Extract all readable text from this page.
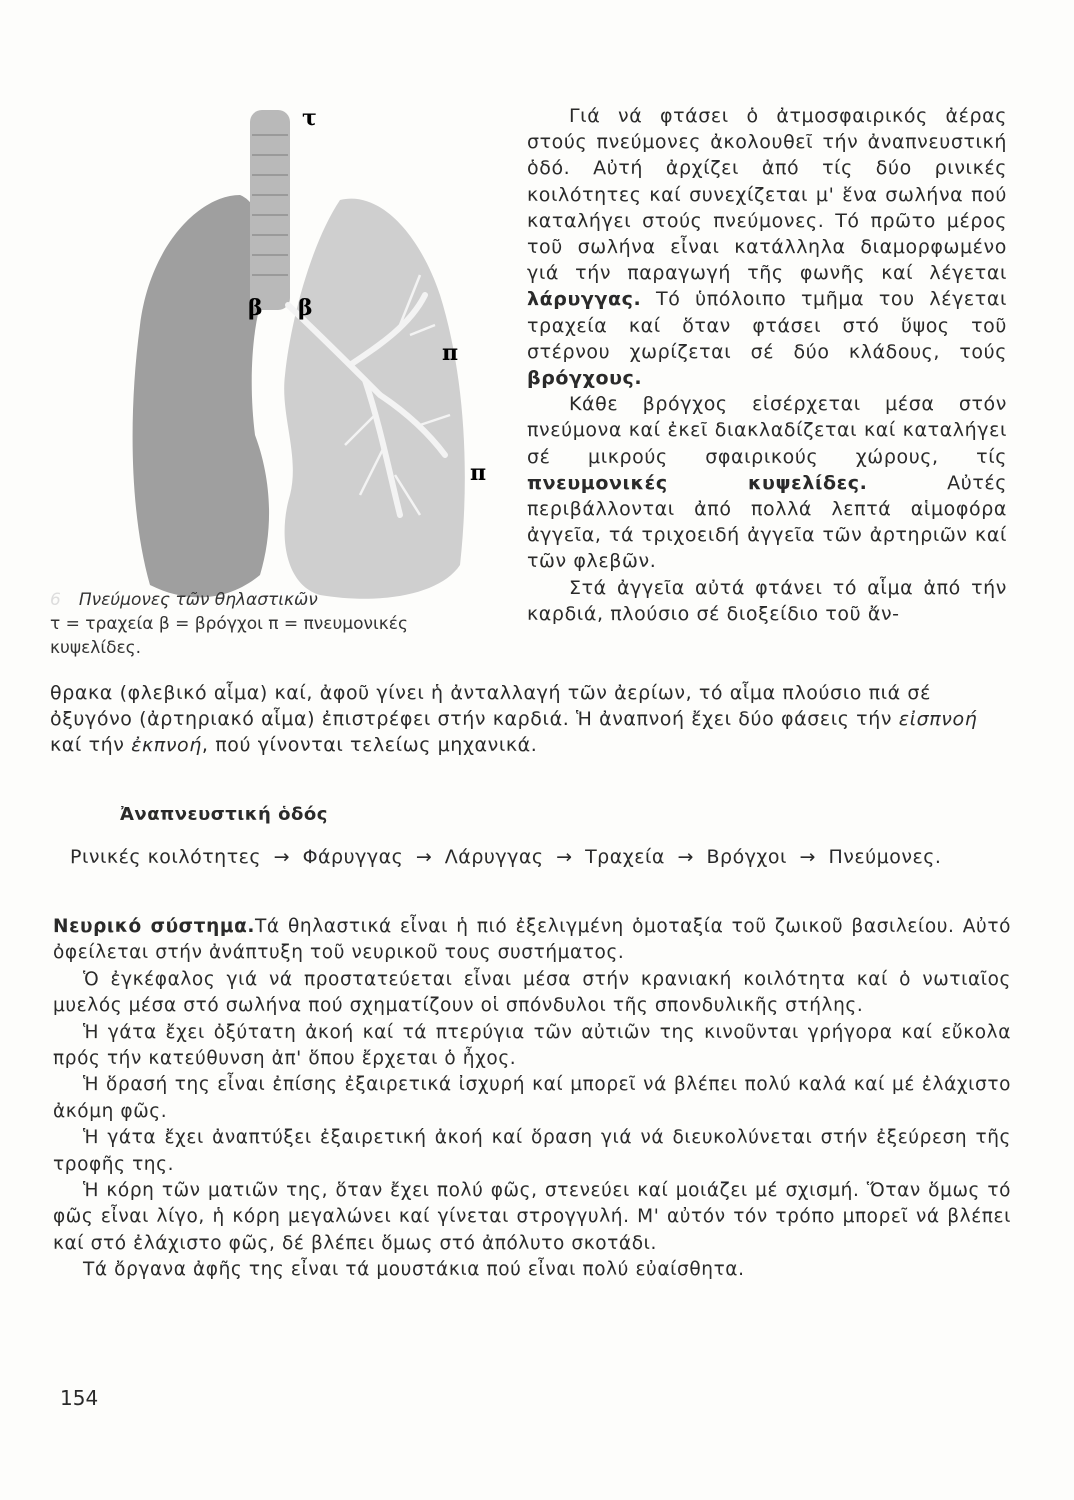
τ
β β
π
π
6 Πνεύμονες τῶν θηλαστικῶν
τ = τραχεία β = βρόγχοι π = πνευμονικές κυψελίδες.

Γιά νά φτάσει ὁ ἀτμοσφαιρικός ἀέρας στούς πνεύμονες ἀκολουθεῖ τήν ἀναπνευστική ὁδό. Αὐτή ἀρχίζει ἀπό τίς δύο ρινικές κοιλότητες καί συνεχίζεται μ' ἕνα σωλήνα πού καταλήγει στούς πνεύμονες. Τό πρῶτο μέρος τοῦ σωλήνα εἶναι κατάλληλα διαμορφωμένο γιά τήν παραγωγή τῆς φωνῆς καί λέγεται λάρυγγας. Τό ὑπόλοιπο τμῆμα του λέγεται τραχεία καί ὅταν φτάσει στό ὕψος τοῦ στέρνου χωρίζεται σέ δύο κλάδους, τούς βρόγχους.

Κάθε βρόγχος εἰσέρχεται μέσα στόν πνεύμονα καί ἐκεῖ διακλαδίζεται καί καταλήγει σέ μικρούς σφαιρικούς χώρους, τίς πνευμονικές κυψελίδες. Αὐτές περιβάλλονται ἀπό πολλά λεπτά αἱμοφόρα ἀγγεῖα, τά τριχοειδή ἀγγεῖα τῶν ἀρτηριῶν καί τῶν φλεβῶν.

Στά ἀγγεῖα αὐτά φτάνει τό αἷμα ἀπό τήν καρδιά, πλούσιο σέ διοξείδιο τοῦ ἄν-

θρακα (φλεβικό αἷμα) καί, ἀφοῦ γίνει ἡ ἀνταλλαγή τῶν ἀερίων, τό αἷμα πλούσιο πιά σέ ὀξυγόνο (ἀρτηριακό αἷμα) ἐπιστρέφει στήν καρδιά. Ἡ ἀναπνοή ἔχει δύο φάσεις τήν εἰσπνοή καί τήν ἐκπνοή, πού γίνονται τελείως μηχανικά.

Ἀναπνευστική ὁδός
Ρινικές κοιλότητες → Φάρυγγας → Λάρυγγας → Τραχεία → Βρόγχοι → Πνεύμονες.

Νευρικό σύστημα.Τά θηλαστικά εἶναι ἡ πιό ἐξελιγμένη ὁμοταξία τοῦ ζωικοῦ βασιλείου. Αὐτό ὀφείλεται στήν ἀνάπτυξη τοῦ νευρικοῦ τους συστήματος.

Ὁ ἐγκέφαλος γιά νά προστατεύεται εἶναι μέσα στήν κρανιακή κοιλότητα καί ὁ νωτιαῖος μυελός μέσα στό σωλήνα πού σχηματίζουν οἱ σπόνδυλοι τῆς σπονδυλικῆς στήλης.

Ἡ γάτα ἔχει ὀξύτατη ἀκοή καί τά πτερύγια τῶν αὐτιῶν της κινοῦνται γρήγορα καί εὔκολα πρός τήν κατεύθυνση ἀπ' ὅπου ἔρχεται ὁ ἦχος.

Ἡ ὅρασή της εἶναι ἐπίσης ἐξαιρετικά ἰσχυρή καί μπορεῖ νά βλέπει πολύ καλά καί μέ ἐλάχιστο ἀκόμη φῶς.

Ἡ γάτα ἔχει ἀναπτύξει ἐξαιρετική ἀκοή καί ὅραση γιά νά διευκολύνεται στήν ἐξεύρεση τῆς τροφῆς της.

Ἡ κόρη τῶν ματιῶν της, ὅταν ἔχει πολύ φῶς, στενεύει καί μοιάζει μέ σχισμή. Ὅταν ὅμως τό φῶς εἶναι λίγο, ἡ κόρη μεγαλώνει καί γίνεται στρογγυλή. Μ' αὐτόν τόν τρόπο μπορεῖ νά βλέπει καί στό ἐλάχιστο φῶς, δέ βλέπει ὅμως στό ἀπόλυτο σκοτάδι.

Τά ὄργανα ἀφῆς της εἶναι τά μουστάκια πού εἶναι πολύ εὐαίσθητα.

154
